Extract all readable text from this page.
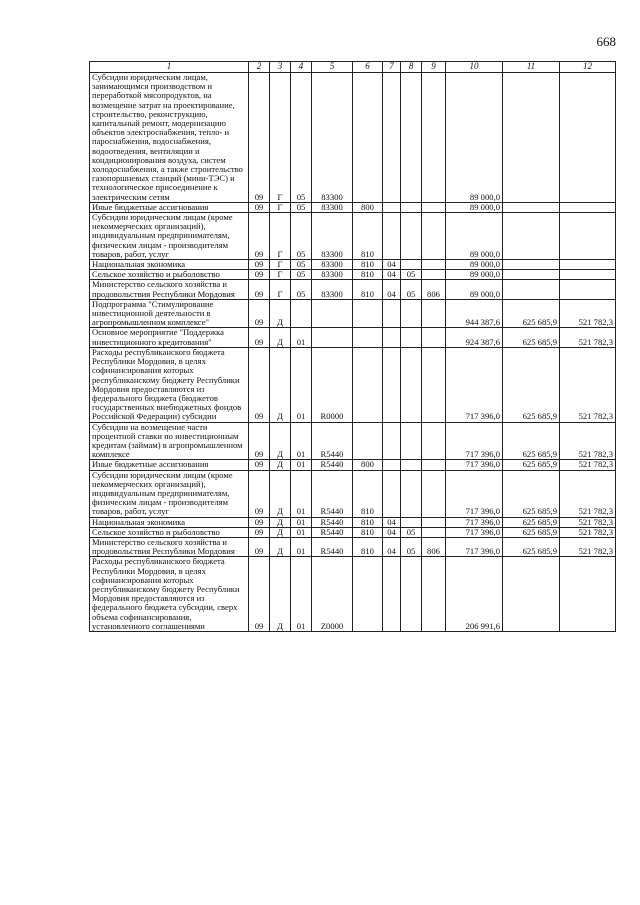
668
1	2	3	4	5	6	7	8	9	10	11	12
Субсидии юридическим лицам, занимающимся производством и переработкой мясопродуктов, на возмещение затрат на проектирование, строительство, реконструкцию, капитальный ремонт, модернизацию объектов электроснабжения, тепло- и пароснабжения, водоснабжения, водоотведения, вентиляции и кондиционирования воздуха, систем холодоснабжения, а также строительство газопоршневых станций (мини-ТЭС) и технологическое присоединение к электрическим сетям	09	Г	05	83300					89 000,0		
Иные бюджетные ассигнования	09	Г	05	83300	800				89 000,0		
Субсидии юридическим лицам (кроме некоммерческих организаций), индивидуальным предпринимателям, физическим лицам - производителям товаров, работ, услуг	09	Г	05	83300	810				89 000,0		
Национальная экономика	09	Г	05	83300	810	04			89 000,0		
Сельское хозяйство и рыболовство	09	Г	05	83300	810	04	05		89 000,0		
Министерство сельского хозяйства и продовольствия Республики Мордовия	09	Г	05	83300	810	04	05	806	89 000,0		
Подпрограмма "Стимулирование инвестиционной деятельности в агропромышленном комплексе"	09	Д							944 387,6	625 685,9	521 782,3
Основное мероприятие "Поддержка инвестиционного кредитования"	09	Д	01						924 387,6	625 685,9	521 782,3
Расходы республиканского бюджета Республики Мордовия, в целях софинансирования которых республиканскому бюджету Республики Мордовия предоставляются из федерального бюджета (бюджетов государственных внебюджетных фондов Российской Федерации) субсидии	09	Д	01	R0000					717 396,0	625 685,9	521 782,3
Субсидии на возмещение части процентной ставки по инвестиционным кредитам (займам) в агропромышленном комплексе	09	Д	01	R5440					717 396,0	625 685,9	521 782,3
Иные бюджетные ассигнования	09	Д	01	R5440	800				717 396,0	625 685,9	521 782,3
Субсидии юридическим лицам (кроме некоммерческих организаций), индивидуальным предпринимателям, физическим лицам - производителям товаров, работ, услуг	09	Д	01	R5440	810				717 396,0	625 685,9	521 782,3
Национальная экономика	09	Д	01	R5440	810	04			717 396,0	625 685,9	521 782,3
Сельское хозяйство и рыболовство	09	Д	01	R5440	810	04	05		717 396,0	625 685,9	521 782,3
Министерство сельского хозяйства и продовольствия Республики Мордовия	09	Д	01	R5440	810	04	05	806	717 396,0	625 685,9	521 782,3
Расходы республиканского бюджета Республики Мордовия, в целях софинансирования которых республиканскому бюджету Республики Мордовия предоставляются из федерального бюджета субсидии, сверх объема софинансирования, установленного соглашениями	09	Д	01	Z0000					206 991,6		
